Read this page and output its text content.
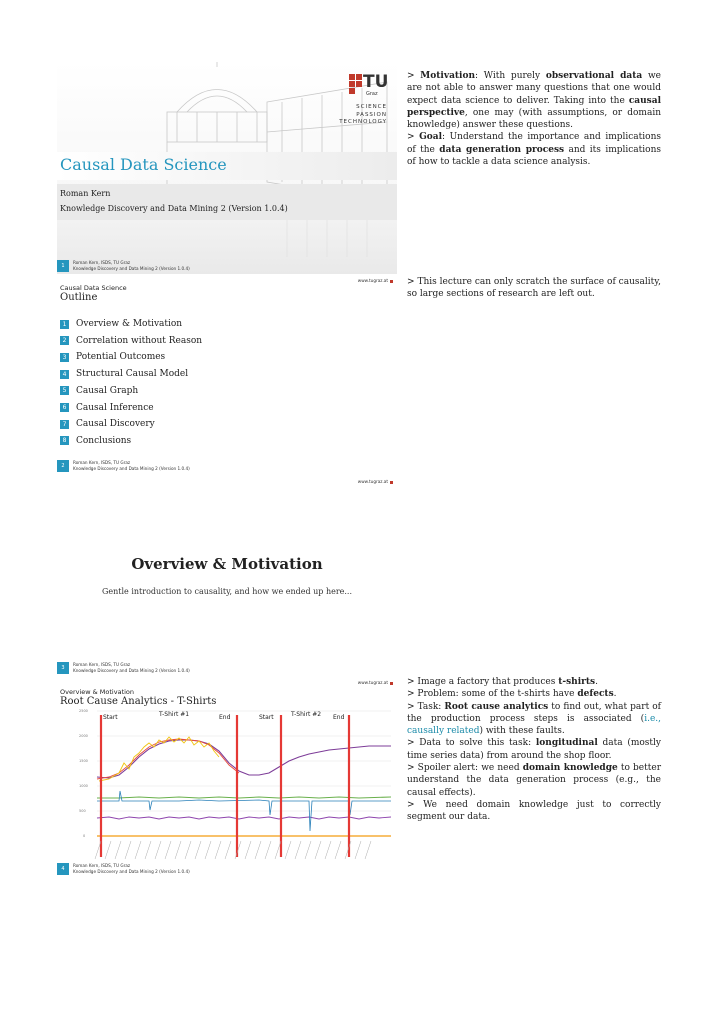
TU
Graz
SCIENCE
PASSION
TECHNOLOGY
Causal Data Science
Roman Kern
Knowledge Discovery and Data Mining 2 (Version 1.0.4)
1
Roman Kern, ISDS, TU Graz
Knowledge Discovery and Data Mining 2 (Version 1.0.4)

> Motivation: With purely observational data we are not able to answer many questions that one would expect data science to deliver. Taking into the causal perspective, one may (with assumptions, or domain knowledge) answer these questions.

> Goal: Understand the importance and implications of the data generation process and its implications of how to tackle a data science analysis.

www.tugraz.at
Causal Data Science
Outline
1 Overview & Motivation
2 Correlation without Reason
3 Potential Outcomes
4 Structural Causal Model
5 Causal Graph
6 Causal Inference
7 Causal Discovery
8 Conclusions
2
Roman Kern, ISDS, TU Graz
Knowledge Discovery and Data Mining 2 (Version 1.0.4)
www.tugraz.at

> This lecture can only scratch the surface of causality, so large sections of research are left out.

Overview & Motivation
Gentle introduction to causality, and how we ended up here...
3
Roman Kern, ISDS, TU Graz
Knowledge Discovery and Data Mining 2 (Version 1.0.4)
www.tugraz.at
Overview & Motivation
Root Cause Analytics - T-Shirts
2500
2000
1500
1000
500
0
Start	T-Shirt #1	End	Start	T-Shirt #2 End
4
Roman Kern, ISDS, TU Graz
Knowledge Discovery and Data Mining 2 (Version 1.0.4)

> Image a factory that produces t-shirts.

> Problem: some of the t-shirts have defects.

> Task: Root cause analytics to find out, what part of the production process steps is associated (i.e., causally related) with these faults.

> Data to solve this task: longitudinal data (mostly time series data) from around the shop floor.

> Spoiler alert: we need domain knowledge to better understand the data generation process (e.g., the causal effects).

> We need domain knowledge just to correctly segment our data.
